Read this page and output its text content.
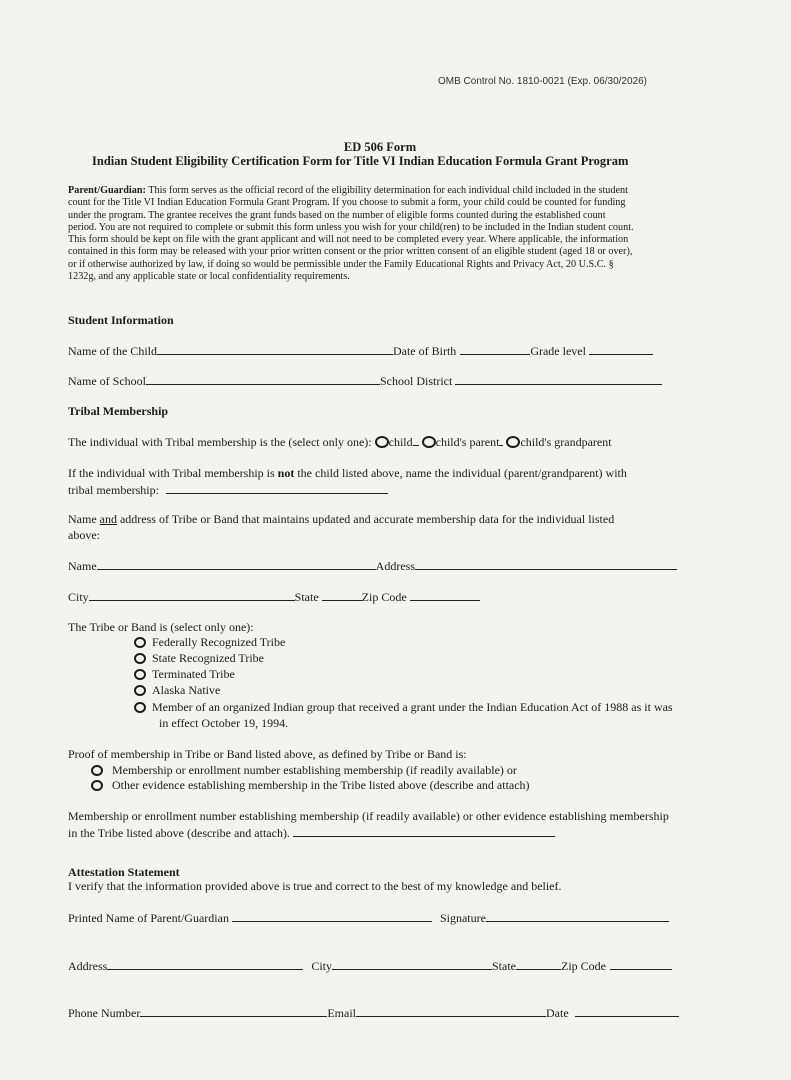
OMB Control No. 1810-0021 (Exp. 06/30/2026)
ED 506 Form
Indian Student Eligibility Certification Form for Title VI Indian Education Formula Grant Program

Parent/Guardian: This form serves as the official record of the eligibility determination for each individual child included in the student

count for the Title VI Indian Education Formula Grant Program. If you choose to submit a form, your child could be counted for funding

under the program. The grantee receives the grant funds based on the number of eligible forms counted during the established count

period. You are not required to complete or submit this form unless you wish for your child(ren) to be included in the Indian student count.

This form should be kept on file with the grant applicant and will not need to be completed every year. Where applicable, the information

contained in this form may be released with your prior written consent or the prior written consent of an eligible student (aged 18 or over),

or if otherwise authorized by law, if doing so would be permissible under the Family Educational Rights and Privacy Act, 20 U.S.C. §

1232g, and any applicable state or local confidentiality requirements.

Student Information
Name of the Child	Date of Birth	Grade level
Name of School	School District
Tribal Membership
The individual with Tribal membership is the (select only one): child child's parent child's grandparent
If the individual with Tribal membership is not the child listed above, name the individual (parent/grandparent) with
tribal membership:
Name and address of Tribe or Band that maintains updated and accurate membership data for the individual listed
above:
Name	Address
City	State	Zip Code
The Tribe or Band is (select only one):
Federally Recognized Tribe
State Recognized Tribe
Terminated Tribe
Alaska Native
Member of an organized Indian group that received a grant under the Indian Education Act of 1988 as it was
in effect October 19, 1994.
Proof of membership in Tribe or Band listed above, as defined by Tribe or Band is:
Membership or enrollment number establishing membership (if readily available) or
Other evidence establishing membership in the Tribe listed above (describe and attach)
Membership or enrollment number establishing membership (if readily available) or other evidence establishing membership
in the Tribe listed above (describe and attach).
Attestation Statement
I verify that the information provided above is true and correct to the best of my knowledge and belief.
Printed Name of Parent/Guardian	Signature
Address	City	State	Zip Code
Phone Number	Email	Date
